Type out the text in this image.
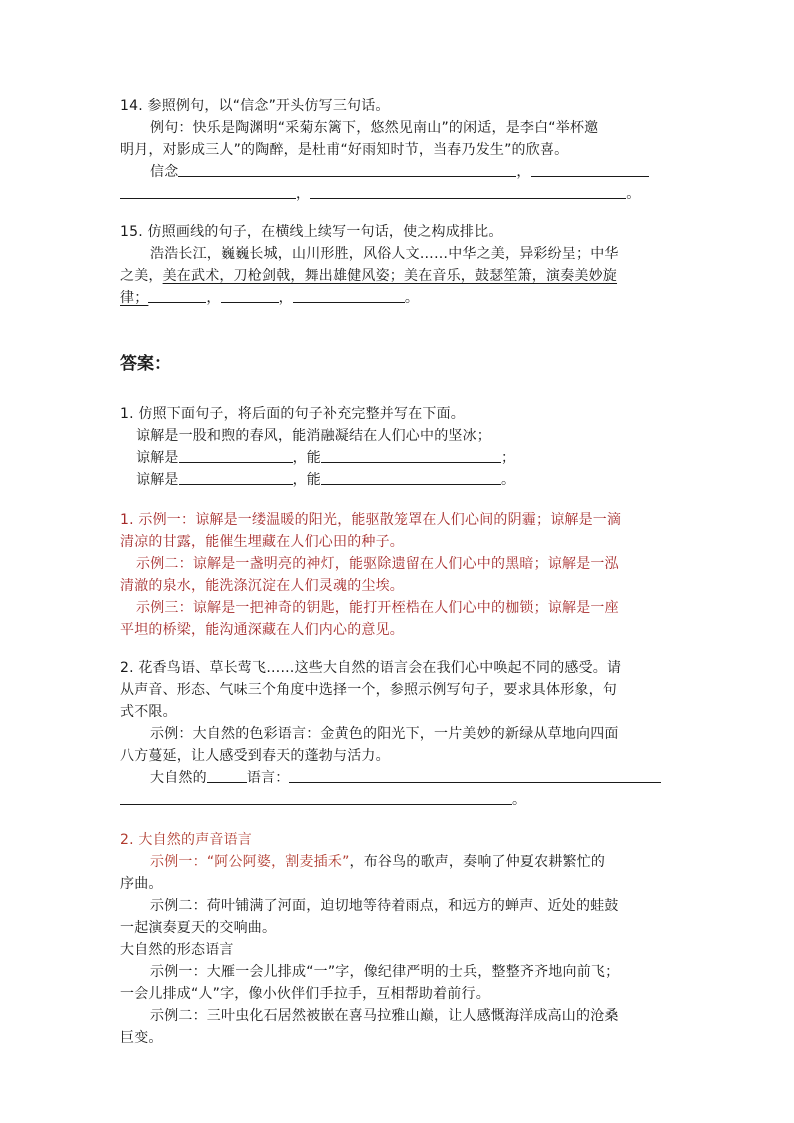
14. 参照例句，以“信念”开头仿写三句话。
例句：快乐是陶渊明“采菊东篱下，悠然见南山”的闲适，是李白“举杯邀
明月，对影成三人”的陶醉，是杜甫“好雨知时节，当春乃发生”的欣喜。
信念	，
，	。
15. 仿照画线的句子，在横线上续写一句话，使之构成排比。
浩浩长江，巍巍长城，山川形胜，风俗人文……中华之美，异彩纷呈；中华
之美，美在武术，刀枪剑戟，舞出雄健风姿；美在音乐，鼓瑟笙箫，演奏美妙旋
律；	，	，	。
答案：
1. 仿照下面句子，将后面的句子补充完整并写在下面。
谅解是一股和煦的春风，能消融凝结在人们心中的坚冰；
谅解是	，能	；
谅解是	，能	。
1. 示例一：谅解是一缕温暖的阳光，能驱散笼罩在人们心间的阴霾；谅解是一滴
清凉的甘露，能催生埋藏在人们心田的种子。
示例二：谅解是一盏明亮的神灯，能驱除遗留在人们心中的黑暗；谅解是一泓
清澈的泉水，能洗涤沉淀在人们灵魂的尘埃。
示例三：谅解是一把神奇的钥匙，能打开桎梏在人们心中的枷锁；谅解是一座
平坦的桥梁，能沟通深藏在人们内心的意见。
2. 花香鸟语、草长莺飞……这些大自然的语言会在我们心中唤起不同的感受。请
从声音、形态、气味三个角度中选择一个，参照示例写句子，要求具体形象，句
式不限。
示例：大自然的色彩语言：金黄色的阳光下，一片美妙的新绿从草地向四面
八方蔓延，让人感受到春天的蓬勃与活力。
大自然的	语言：
。
2. 大自然的声音语言
示例一：“阿公阿婆，割麦插禾”，布谷鸟的歌声，奏响了仲夏农耕繁忙的
序曲。
示例二：荷叶铺满了河面，迫切地等待着雨点，和远方的蝉声、近处的蛙鼓
一起演奏夏天的交响曲。
大自然的形态语言
示例一：大雁一会儿排成“一”字，像纪律严明的士兵，整整齐齐地向前飞；
一会儿排成“人”字，像小伙伴们手拉手，互相帮助着前行。
示例二：三叶虫化石居然被嵌在喜马拉雅山巅，让人感慨海洋成高山的沧桑
巨变。
